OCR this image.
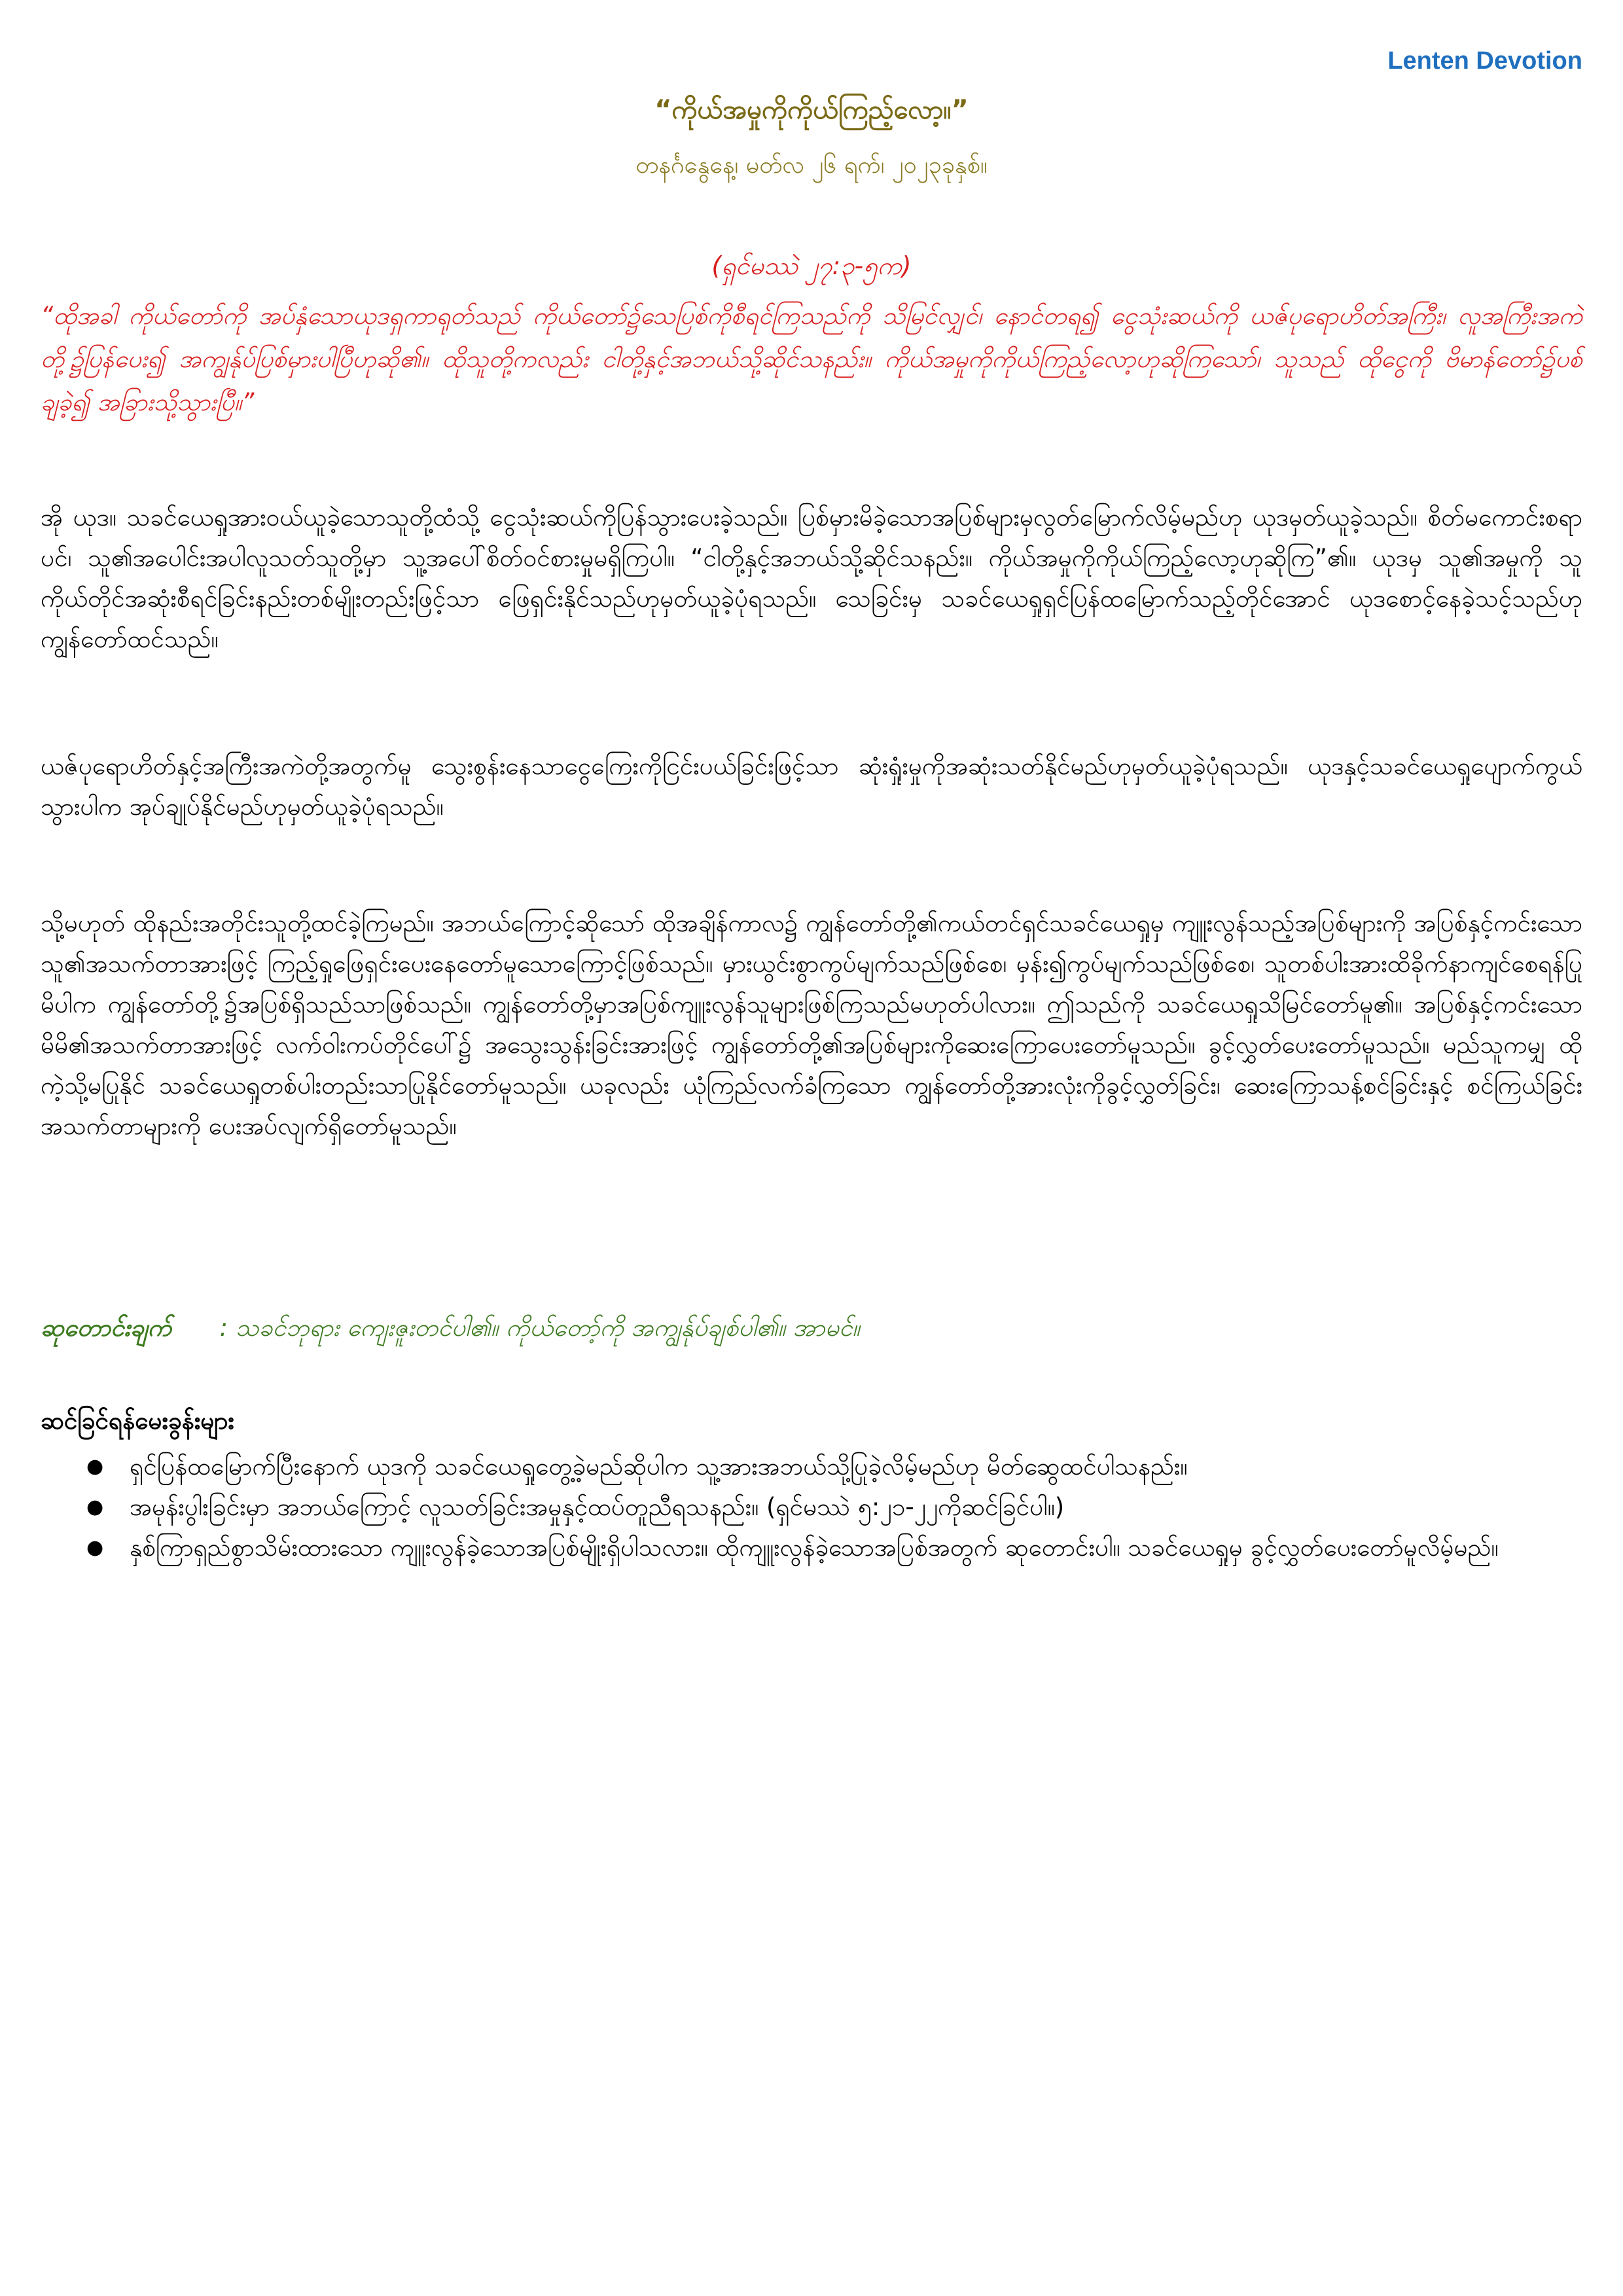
Lenten Devotion
“ကိုယ်အမှုကိုကိုယ်ကြည့်လော့။”
တနင်္ဂနွေနေ့၊ မတ်လ ၂၆ ရက်၊ ၂၀၂၃ခုနှစ်။
(ရှင်မဿဲ ၂၇:၃-၅က)
“ထိုအခါ ကိုယ်တော်ကို အပ်နှံသောယုဒရှကာရုတ်သည် ကိုယ်တော်၌သေပြစ်ကိုစီရင်ကြသည်ကို သိမြင်လျှင်၊ နောင်တရ၍ ငွေသုံးဆယ်ကို ယဇ်ပုရောဟိတ်အကြီး၊ လူအကြီးအကဲတို့၌ပြန်ပေး၍ အကျွန်ုပ်ပြစ်မှားပါပြီဟုဆို၏။ ထိုသူတို့ကလည်း ငါတို့နှင့်အဘယ်သို့ဆိုင်သနည်း။ ကိုယ်အမှုကိုကိုယ်ကြည့်လော့ဟုဆိုကြသော်၊ သူသည် ထိုငွေကို ဗိမာန်တော်၌ပစ်ချခဲ့၍ အခြားသို့သွားပြီ။”
အို ယုဒ။ သခင်ယေရှုအားဝယ်ယူခဲ့သောသူတို့ထံသို့ ငွေသုံးဆယ်ကိုပြန်သွားပေးခဲ့သည်။ ပြစ်မှားမိခဲ့သောအပြစ်များမှလွတ်မြောက်လိမ့်မည်ဟု ယုဒမှတ်ယူခဲ့သည်။ စိတ်မကောင်းစရာပင်၊ သူ၏အပေါင်းအပါလူသတ်သူတို့မှာ သူ့အပေါ်စိတ်ဝင်စားမှုမရှိကြပါ။ “ငါတို့နှင့်အဘယ်သို့ဆိုင်သနည်း။ ကိုယ်အမှုကိုကိုယ်ကြည့်လော့ဟုဆိုကြ”၏။ ယုဒမှ သူ၏အမှုကို သူကိုယ်တိုင်အဆုံးစီရင်ခြင်းနည်းတစ်မျိုးတည်းဖြင့်သာ ဖြေရှင်းနိုင်သည်ဟုမှတ်ယူခဲ့ပုံရသည်။ သေခြင်းမှ သခင်ယေရှုရှင်ပြန်ထမြောက်သည့်တိုင်အောင် ယုဒစောင့်နေခဲ့သင့်သည်ဟု ကျွန်တော်ထင်သည်။
ယဇ်ပုရောဟိတ်နှင့်အကြီးအကဲတို့အတွက်မူ သွေးစွန်းနေသာငွေကြေးကိုငြင်းပယ်ခြင်းဖြင့်သာ ဆုံးရှုံးမှုကိုအဆုံးသတ်နိုင်မည်ဟုမှတ်ယူခဲ့ပုံရသည်။ ယုဒနှင့်သခင်ယေရှုပျောက်ကွယ်သွားပါက အုပ်ချုပ်နိုင်မည်ဟုမှတ်ယူခဲ့ပုံရသည်။
သို့မဟုတ် ထိုနည်းအတိုင်းသူတို့ထင်ခဲ့ကြမည်။ အဘယ်ကြောင့်ဆိုသော် ထိုအချိန်ကာလ၌ ကျွန်တော်တို့၏ကယ်တင်ရှင်သခင်ယေရှုမှ ကျူးလွန်သည့်အပြစ်များကို အပြစ်နှင့်ကင်းသောသူ၏အသက်တာအားဖြင့် ကြည့်ရှုဖြေရှင်းပေးနေတော်မူသောကြောင့်ဖြစ်သည်။ မှားယွင်းစွာကွပ်မျက်သည်ဖြစ်စေ၊ မှန်း၍ကွပ်မျက်သည်ဖြစ်စေ၊ သူတစ်ပါးအားထိခိုက်နာကျင်စေရန်ပြုမိပါက ကျွန်တော်တို့၌အပြစ်ရှိသည်သာဖြစ်သည်။ ကျွန်တော်တို့မှာအပြစ်ကျူးလွန်သူများဖြစ်ကြသည်မဟုတ်ပါလား။ ဤသည်ကို သခင်ယေရှုသိမြင်တော်မူ၏။ အပြစ်နှင့်ကင်းသောမိမိ၏အသက်တာအားဖြင့် လက်ဝါးကပ်တိုင်ပေါ်၌ အသွေးသွန်းခြင်းအားဖြင့် ကျွန်တော်တို့၏အပြစ်များကိုဆေးကြောပေးတော်မူသည်။ ခွင့်လွှတ်ပေးတော်မူသည်။ မည်သူကမျှ ထိုကဲ့သို့မပြုနိုင် သခင်ယေရှုတစ်ပါးတည်းသာပြုနိုင်တော်မူသည်။ ယခုလည်း ယုံကြည်လက်ခံကြသော ကျွန်တော်တို့အားလုံးကိုခွင့်လွှတ်ခြင်း၊ ဆေးကြောသန့်စင်ခြင်းနှင့် စင်ကြယ်ခြင်းအသက်တာများကို ပေးအပ်လျက်ရှိတော်မူသည်။
ဆုတောင်းချက် : သခင်ဘုရား ကျေးဇူးတင်ပါ၏။ ကိုယ်တော့်ကို အကျွန်ုပ်ချစ်ပါ၏။ အာမင်။
ဆင်ခြင်ရန်မေးခွန်းများ
● ရှင်ပြန်ထမြောက်ပြီးနောက် ယုဒကို သခင်ယေရှုတွေ့ခဲ့မည်ဆိုပါက သူ့အားအဘယ်သို့ပြုခဲ့လိမ့်မည်ဟု မိတ်ဆွေထင်ပါသနည်း။
● အမုန်းပွါးခြင်းမှာ အဘယ်ကြောင့် လူသတ်ခြင်းအမှုနှင့်ထပ်တူညီရသနည်း။ (ရှင်မဿဲ ၅:၂၁-၂၂ကိုဆင်ခြင်ပါ။)
● နှစ်ကြာရှည်စွာသိမ်းထားသော ကျူးလွန်ခဲ့သောအပြစ်မျိုးရှိပါသလား။ ထိုကျူးလွန်ခဲ့သောအပြစ်အတွက် ဆုတောင်းပါ။ သခင်ယေရှုမှ ခွင့်လွှတ်ပေးတော်မူလိမ့်မည်။
